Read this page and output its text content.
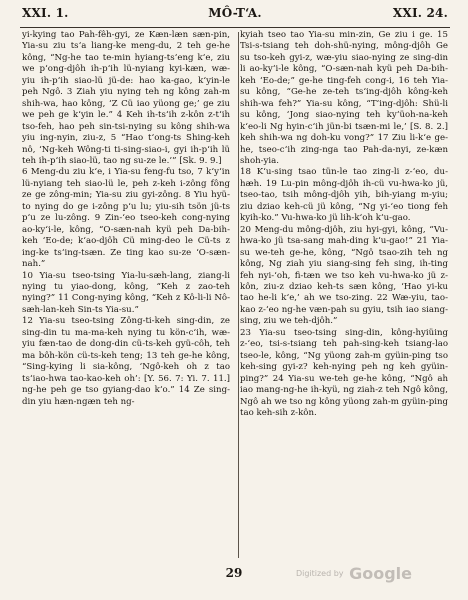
XXI. 1.	MÔ-T‘A.	XXI. 24.

yi-kying tao Pah-fêh-gyi, ze Kæn-læn sæn-pin, Yia-su ziu ts‘a liang-ke meng-du, 2 teh ge-he kông, “Ng-he tao te-min hyiang-ts‘eng k‘e, ziu we p‘ong-djôh ih-p‘ih lü-nyiang kyi-kæn, wæ-yiu ih-p‘ih siao-lü jü-de: hao ka-gao, k‘yin-le peh Ngô. 3 Ziah yiu nying teh ng kông zah-m shih-wa, hao kông, ‘Z Cü iao yüong ge;’ ge ziu we peh ge k‘yin le.” 4 Keh ih-ts‘ih z-kôn z-t‘ih tso-feh, hao peh sin-tsi-nying su kông shih-wa yiu ing-nyin, ziu-z, 5 “Hao t‘ong-ts Shing-keh nô, ‘Ng-keh Wông-ti ti-sing-siao-i, gyi ih-p‘ih lü teh ih-p‘ih siao-lü, tao ng su-ze le.’” [Sk. 9. 9.]

6 Meng-du ziu k‘e, i Yia-su feng-fu tso, 7 k‘y‘in lü-nyiang teh siao-lü le, peh z-keh i-zông fông ze ge zông-min; Yia-su ziu gyi-zông. 8 Yiu hyü-to nying do ge i-zông p‘u lu; yiu-sih tsön jü-ts p‘u ze lu-zông. 9 Zin-‘eo tseo-keh cong-nying ao-ky‘i-le, kông, “O-sæn-nah kyü peh Da-bih-keh ‘Eo-de; k‘ao-djôh Cü ming-deo le Cü-ts z ing-ke ts‘ing-tsæn. Ze ting kao su-ze ‘O-sæn-nah.”

10 Yia-su tseo-tsing Yia-lu-sæh-lang, ziang-li nying tu yiao-dong, kông, “Keh z zao-teh nying?” 11 Cong-nying kông, “Keh z Kô-li-li Nô-sæh-lan-keh Sin-ts Yia-su.”

12 Yia-su tseo-tsing Zông-ti-keh sing-din, ze sing-din tu ma-ma-keh nying tu kön-c‘ih, wæ-yiu fæn-tao de dong-din cü-ts-keh gyü-côh, teh ma bôh-kön cü-ts-keh teng; 13 teh ge-he kông, “Sing-kying li sia-kông, ‘Ngô-keh oh z tao ts‘iao-hwa tao-kao-keh oh’: [Y. 56. 7: Yi. 7. 11.] ng-he peh ge tso gyiang-dao k‘o.” 14 Ze sing-din yiu hæn-ngæn teh ng-

kyiah tseo tao Yia-su min-zin, Ge ziu i ge. 15 Tsi-s-tsiang teh doh-shü-nying, mông-djôh Ge su tso-keh gyi-z, wæ-yiu siao-nying ze sing-din li ao-ky‘i-le kông, “O-sæn-nah kyü peh Da-bih-keh ‘Eo-de;” ge-he ting-feh cong-i, 16 teh Yia-su kông, “Ge-he ze-teh ts‘ing-djôh kông-keh shih-wa feh?” Yia-su kông, “T‘ing-djôh: Shü-li su kông, ‘Jong siao-nying teh ky‘üoh-na-keh k‘eo-li Ng hyin-c‘ih jün-bi tsæn-mi le,’ [S. 8. 2.] keh shih-wa ng doh-ku vong?” 17 Ziu li-k‘e ge-he, tseo-c‘ih zing-nga tao Pah-da-nyi, ze-kæn shoh-yia.

18 K‘u-sing tsao tün-le tao zing-li z-‘eo, du-hæh. 19 Lu-pin mông-djôh ih-cü vu-hwa-ko jü, tseo-tao, tsih mông-djôh yih, bih-yiang m-yiu; ziu dziao keh-cü jü kông, “Ng yi-‘eo tiong feh kyih-ko.” Vu-hwa-ko jü lih-k‘oh k‘u-gao.

20 Meng-du mông-djôh, ziu hyi-gyi, kông, “Vu-hwa-ko jü tsa-sang mah-ding k‘u-gao!” 21 Yia-su we-teh ge-he, kông, “Ngô tsao-zih teh ng kông, Ng ziah yiu siang-sing feh sing, ih-ting feh nyi-‘oh, fi-tæn we tso keh vu-hwa-ko jü z-kôn, ziu-z dziao keh-ts sæn kông, ‘Hao yi-ku tao he-li k‘e,’ ah we tso-zing. 22 Wæ-yiu, tao-kao z-‘eo ng-he væn-pah su gyiu, tsih iao siang-sing, ziu we teh-djôh.”

23 Yia-su tseo-tsing sing-din, kông-hyiüing z-‘eo, tsi-s-tsiang teh pah-sing-keh tsiang-lao tseo-le, kông, “Ng yüong zah-m gyüin-ping tso keh-sing gyi-z? keh-nying peh ng keh gyüin-ping?” 24 Yia-su we-teh ge-he kông, “Ngô ah iao mang-ng-he ih-kyü, ng ziah-z teh Ngô kông, Ngô ah we tso ng kông yüong zah-m gyüin-ping tao keh-sih z-kôn.

29	Digitized by Google
